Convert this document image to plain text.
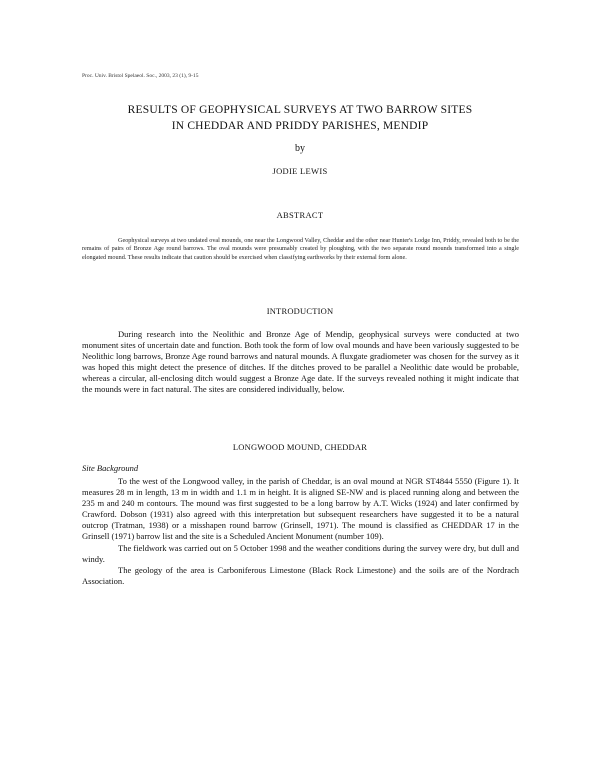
Proc. Univ. Bristol Spelaeol. Soc., 2003, 23 (1), 9-15
RESULTS OF GEOPHYSICAL SURVEYS AT TWO BARROW SITES
IN CHEDDAR AND PRIDDY PARISHES, MENDIP
by
JODIE LEWIS
ABSTRACT
Geophysical surveys at two undated oval mounds, one near the Longwood Valley, Cheddar and the other near Hunter's Lodge Inn, Priddy, revealed both to be the remains of pairs of Bronze Age round barrows. The oval mounds were presumably created by ploughing, with the two separate round mounds transformed into a single elongated mound. These results indicate that caution should be exercised when classifying earthworks by their external form alone.
INTRODUCTION

During research into the Neolithic and Bronze Age of Mendip, geophysical surveys were conducted at two monument sites of uncertain date and function. Both took the form of low oval mounds and have been variously suggested to be Neolithic long barrows, Bronze Age round barrows and natural mounds. A fluxgate gradiometer was chosen for the survey as it was hoped this might detect the presence of ditches. If the ditches proved to be parallel a Neolithic date would be probable, whereas a circular, all-enclosing ditch would suggest a Bronze Age date. If the surveys revealed nothing it might indicate that the mounds were in fact natural. The sites are considered individually, below.

LONGWOOD MOUND, CHEDDAR
Site Background

To the west of the Longwood valley, in the parish of Cheddar, is an oval mound at NGR ST4844 5550 (Figure 1). It measures 28 m in length, 13 m in width and 1.1 m in height. It is aligned SE-NW and is placed running along and between the 235 m and 240 m contours. The mound was first suggested to be a long barrow by A.T. Wicks (1924) and later confirmed by Crawford. Dobson (1931) also agreed with this interpretation but subsequent researchers have suggested it to be a natural outcrop (Tratman, 1938) or a misshapen round barrow (Grinsell, 1971). The mound is classified as CHEDDAR 17 in the Grinsell (1971) barrow list and the site is a Scheduled Ancient Monument (number 109).

The fieldwork was carried out on 5 October 1998 and the weather conditions during the survey were dry, but dull and windy.

The geology of the area is Carboniferous Limestone (Black Rock Limestone) and the soils are of the Nordrach Association.
